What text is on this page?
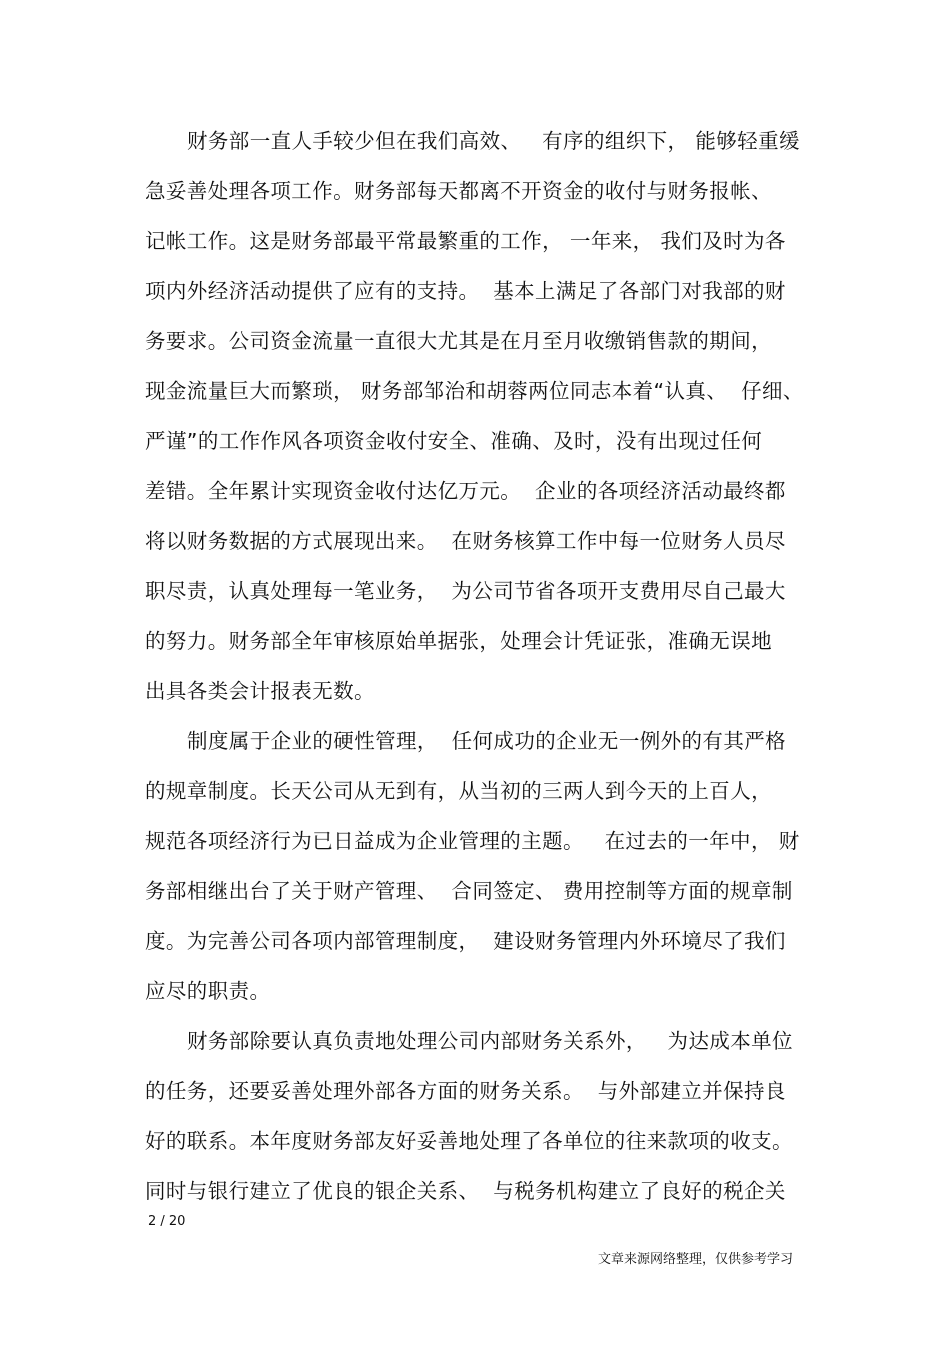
财务部一直人手较少但在我们高效、   有序的组织下， 能够轻重缓
急妥善处理各项工作。财务部每天都离不开资金的收付与财务报帐、
记帐工作。这是财务部最平常最繁重的工作， 一年来， 我们及时为各
项内外经济活动提供了应有的支持。  基本上满足了各部门对我部的财
务要求。公司资金流量一直很大尤其是在月至月收缴销售款的期间，
现金流量巨大而繁琐， 财务部邹治和胡蓉两位同志本着“认真、  仔细、
严谨”的工作作风各项资金收付安全、准确、及时，没有出现过任何
差错。全年累计实现资金收付达亿万元。  企业的各项经济活动最终都
将以财务数据的方式展现出来。  在财务核算工作中每一位财务人员尽
职尽责，认真处理每一笔业务，  为公司节省各项开支费用尽自己最大
的努力。财务部全年审核原始单据张，处理会计凭证张，准确无误地
出具各类会计报表无数。
制度属于企业的硬性管理，  任何成功的企业无一例外的有其严格
的规章制度。长天公司从无到有，从当初的三两人到今天的上百人，
规范各项经济行为已日益成为企业管理的主题。   在过去的一年中， 财
务部相继出台了关于财产管理、  合同签定、 费用控制等方面的规章制
度。为完善公司各项内部管理制度，  建设财务管理内外环境尽了我们
应尽的职责。
财务部除要认真负责地处理公司内部财务关系外，   为达成本单位
的任务，还要妥善处理外部各方面的财务关系。  与外部建立并保持良
好的联系。本年度财务部友好妥善地处理了各单位的往来款项的收支。
同时与银行建立了优良的银企关系、  与税务机构建立了良好的税企关
2 / 20
文章来源网络整理，仅供参考学习
